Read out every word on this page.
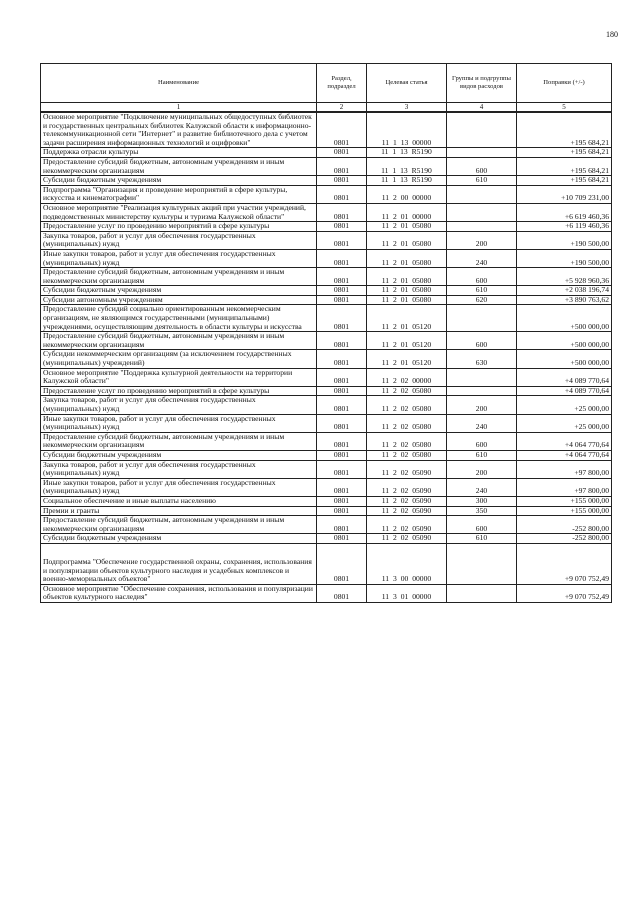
180
Наименование	Раздел, подраздел	Целевая статья	Группы и подгруппы видов расходов	Поправки (+/-)
1	2	3	4	5
Основное мероприятие "Подключение муниципальных общедоступных библиотек и государственных центральных библиотек Калужской области к информационно-телекоммуникационной сети "Интернет" и развитие библиотечного дела с учетом задачи расширения информационных технологий и оцифровки"	0801	11 1 13 00000		+195 684,21
Поддержка отрасли культуры	0801	11 1 13 R5190		+195 684,21
Предоставление субсидий бюджетным, автономным учреждениям и иным некоммерческим организациям	0801	11 1 13 R5190	600	+195 684,21
Субсидии бюджетным учреждениям	0801	11 1 13 R5190	610	+195 684,21
Подпрограмма "Организация и проведение мероприятий в сфере культуры, искусства и кинематографии"	0801	11 2 00 00000		+10 709 231,00
Основное мероприятие "Реализация культурных акций при участии учреждений, подведомственных министерству культуры и туризма Калужской области"	0801	11 2 01 00000		+6 619 460,36
Предоставление услуг по проведению мероприятий в сфере культуры	0801	11 2 01 05080		+6 119 460,36
Закупка товаров, работ и услуг для обеспечения государственных (муниципальных) нужд	0801	11 2 01 05080	200	+190 500,00
Иные закупки товаров, работ и услуг для обеспечения государственных (муниципальных) нужд	0801	11 2 01 05080	240	+190 500,00
Предоставление субсидий бюджетным, автономным учреждениям и иным некоммерческим организациям	0801	11 2 01 05080	600	+5 928 960,36
Субсидии бюджетным учреждениям	0801	11 2 01 05080	610	+2 038 196,74
Субсидии автономным учреждениям	0801	11 2 01 05080	620	+3 890 763,62
Предоставление субсидий социально ориентированным некоммерческим организациям, не являющимся государственными (муниципальными) учреждениями, осуществляющим деятельность в области культуры и искусства	0801	11 2 01 05120		+500 000,00
Предоставление субсидий бюджетным, автономным учреждениям и иным некоммерческим организациям	0801	11 2 01 05120	600	+500 000,00
Субсидии некоммерческим организациям (за исключением государственных (муниципальных) учреждений)	0801	11 2 01 05120	630	+500 000,00
Основное мероприятие "Поддержка культурной деятельности на территории Калужской области"	0801	11 2 02 00000		+4 089 770,64
Предоставление услуг по проведению мероприятий в сфере культуры	0801	11 2 02 05080		+4 089 770,64
Закупка товаров, работ и услуг для обеспечения государственных (муниципальных) нужд	0801	11 2 02 05080	200	+25 000,00
Иные закупки товаров, работ и услуг для обеспечения государственных (муниципальных) нужд	0801	11 2 02 05080	240	+25 000,00
Предоставление субсидий бюджетным, автономным учреждениям и иным некоммерческим организациям	0801	11 2 02 05080	600	+4 064 770,64
Субсидии бюджетным учреждениям	0801	11 2 02 05080	610	+4 064 770,64
Закупка товаров, работ и услуг для обеспечения государственных (муниципальных) нужд	0801	11 2 02 05090	200	+97 800,00
Иные закупки товаров, работ и услуг для обеспечения государственных (муниципальных) нужд	0801	11 2 02 05090	240	+97 800,00
Социальное обеспечение и иные выплаты населению	0801	11 2 02 05090	300	+155 000,00
Премии и гранты	0801	11 2 02 05090	350	+155 000,00
Предоставление субсидий бюджетным, автономным учреждениям и иным некоммерческим организациям	0801	11 2 02 05090	600	-252 800,00
Субсидии бюджетным учреждениям	0801	11 2 02 05090	610	-252 800,00
Подпрограмма "Обеспечение государственной охраны, сохранения, использования и популяризации объектов культурного наследия и усадебных комплексов и военно-мемориальных объектов"	0801	11 3 00 00000		+9 070 752,49
Основное мероприятие "Обеспечение сохранения, использования и популяризации объектов культурного наследия"	0801	11 3 01 00000		+9 070 752,49
